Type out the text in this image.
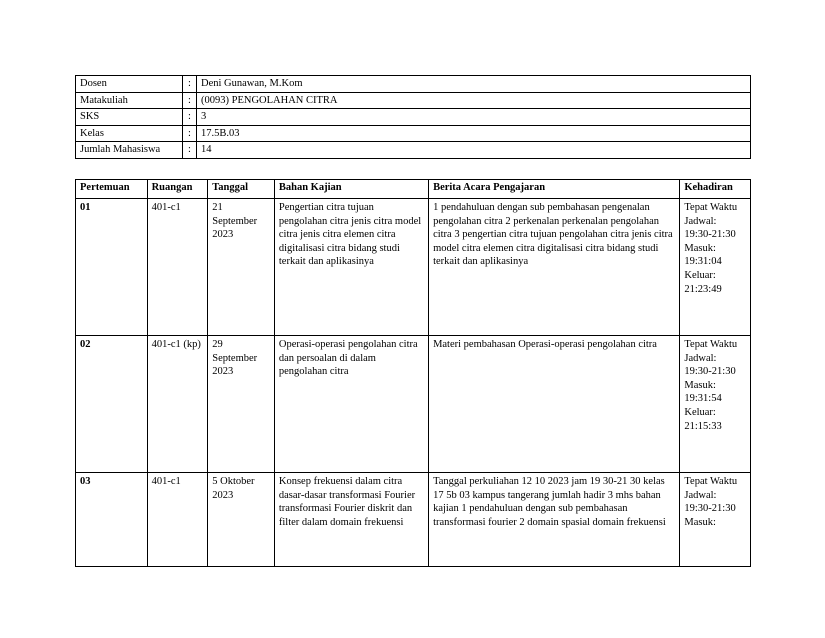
Dosen	:	Deni Gunawan, M.Kom
Matakuliah	:	(0093) PENGOLAHAN CITRA
SKS	:	3
Kelas	:	17.5B.03
Jumlah Mahasiswa	:	14
Pertemuan	Ruangan	Tanggal	Bahan Kajian	Berita Acara Pengajaran	Kehadiran
01	401-c1	21 September 2023	Pengertian citra tujuan pengolahan citra jenis citra model citra jenis citra elemen citra digitalisasi citra bidang studi terkait dan aplikasinya	1 pendahuluan dengan sub pembahasan pengenalan pengolahan citra 2 perkenalan perkenalan pengolahan citra 3 pengertian citra tujuan pengolahan citra jenis citra model citra elemen citra digitalisasi citra bidang studi terkait dan aplikasinya	Tepat Waktu Jadwal: 19:30-21:30 Masuk: 19:31:04 Keluar: 21:23:49
02	401-c1 (kp)	29 September 2023	Operasi-operasi pengolahan citra dan persoalan di dalam pengolahan citra	Materi pembahasan Operasi-operasi pengolahan citra	Tepat Waktu Jadwal: 19:30-21:30 Masuk: 19:31:54 Keluar: 21:15:33
03	401-c1	5 Oktober 2023	Konsep frekuensi dalam citra dasar-dasar transformasi Fourier transformasi Fourier diskrit dan filter dalam domain frekuensi	Tanggal perkuliahan 12 10 2023 jam 19 30-21 30 kelas 17 5b 03 kampus tangerang jumlah hadir 3 mhs bahan kajian 1 pendahuluan dengan sub pembahasan transformasi fourier 2 domain spasial domain frekuensi	Tepat Waktu Jadwal: 19:30-21:30 Masuk:
